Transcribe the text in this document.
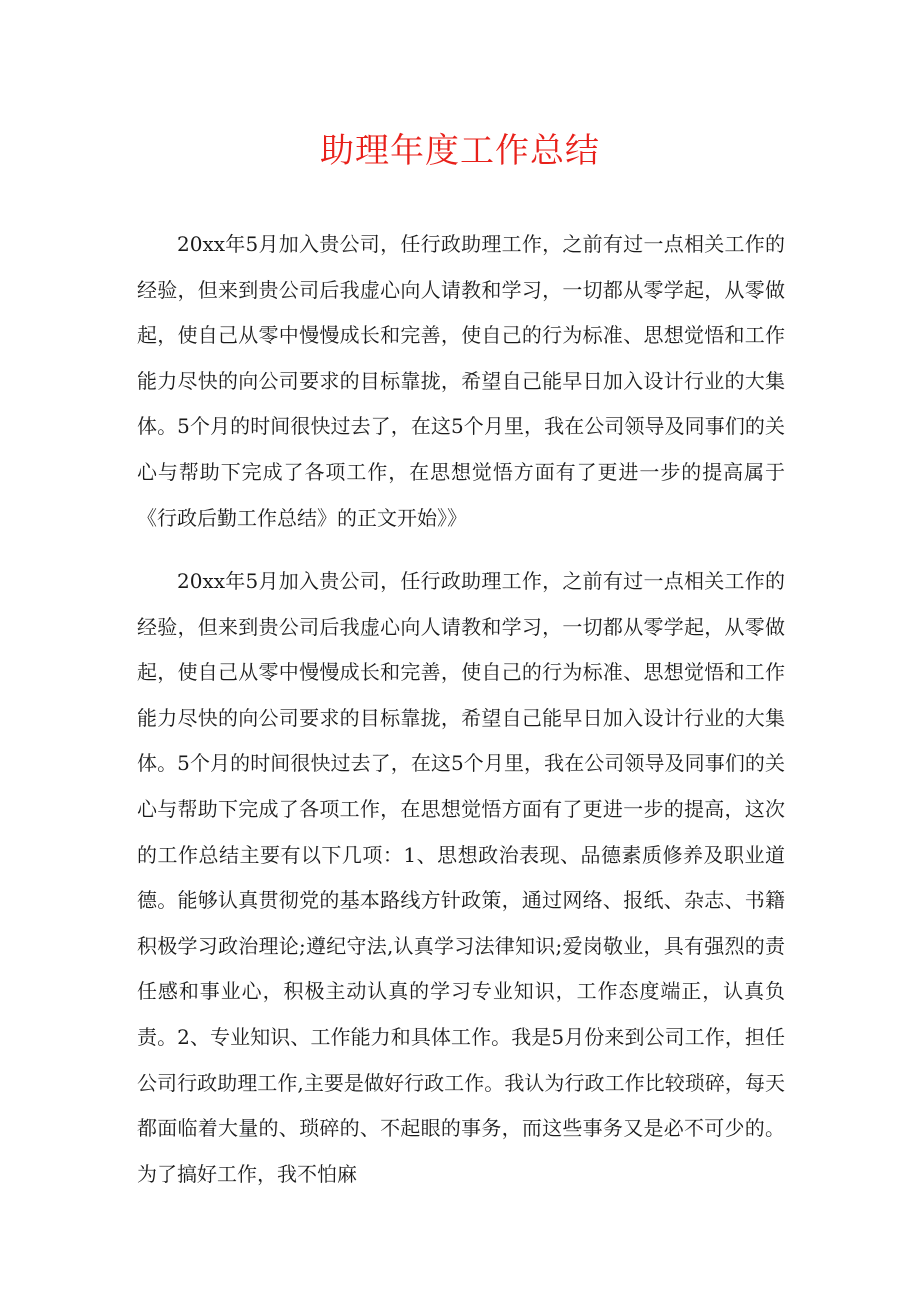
助理年度工作总结

20xx年5月加入贵公司，任行政助理工作，之前有过一点相关工作的经验，但来到贵公司后我虚心向人请教和学习，一切都从零学起，从零做起，使自己从零中慢慢成长和完善，使自己的行为标准、思想觉悟和工作能力尽快的向公司要求的目标靠拢，希望自己能早日加入设计行业的大集体。5个月的时间很快过去了，在这5个月里，我在公司领导及同事们的关心与帮助下完成了各项工作，在思想觉悟方面有了更进一步的提高属于《行政后勤工作总结》的正文开始》》

20xx年5月加入贵公司，任行政助理工作，之前有过一点相关工作的经验，但来到贵公司后我虚心向人请教和学习，一切都从零学起，从零做起，使自己从零中慢慢成长和完善，使自己的行为标准、思想觉悟和工作能力尽快的向公司要求的目标靠拢，希望自己能早日加入设计行业的大集体。5个月的时间很快过去了，在这5个月里，我在公司领导及同事们的关心与帮助下完成了各项工作，在思想觉悟方面有了更进一步的提高，这次的工作总结主要有以下几项：1、思想政治表现、品德素质修养及职业道德。能够认真贯彻党的基本路线方针政策，通过网络、报纸、杂志、书籍积极学习政治理论;遵纪守法,认真学习法律知识;爱岗敬业，具有强烈的责任感和事业心，积极主动认真的学习专业知识，工作态度端正，认真负责。2、专业知识、工作能力和具体工作。我是5月份来到公司工作，担任公司行政助理工作,主要是做好行政工作。我认为行政工作比较琐碎，每天都面临着大量的、琐碎的、不起眼的事务，而这些事务又是必不可少的。为了搞好工作，我不怕麻
